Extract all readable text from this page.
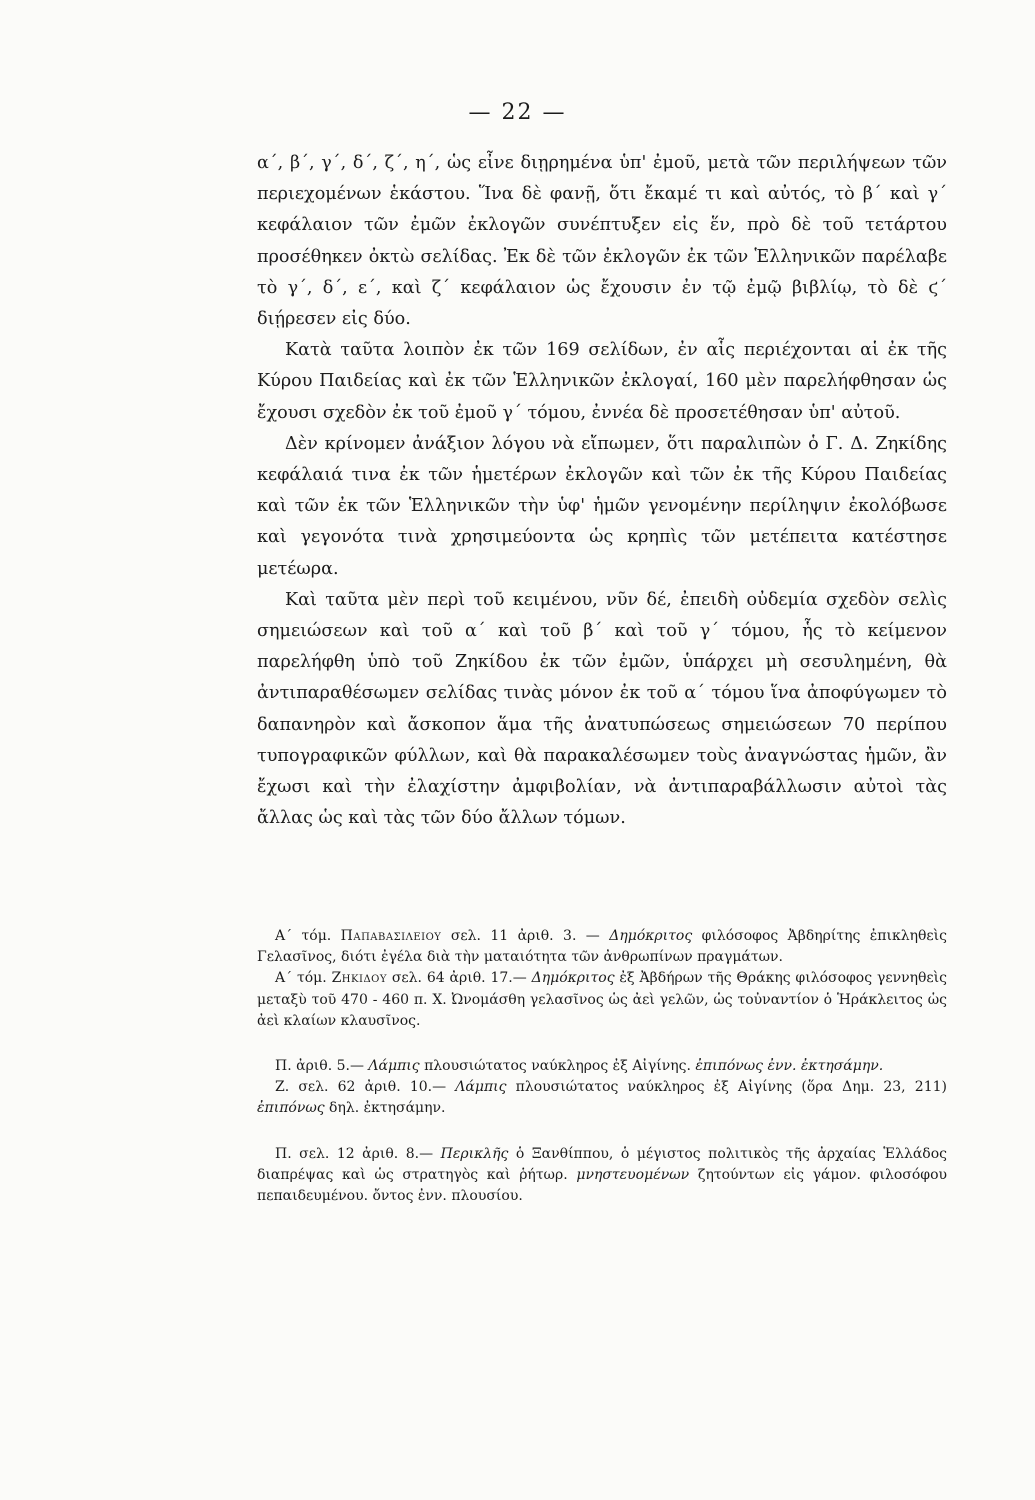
— 22 —

α΄, β΄, γ΄, δ΄, ζ΄, η΄, ὡς εἶνε διῃρημένα ὑπ' ἐμοῦ, μετὰ τῶν περιλήψεων τῶν περιεχομένων ἑκάστου. Ἵνα δὲ φανῇ, ὅτι ἔκαμέ τι καὶ αὐτός, τὸ β΄ καὶ γ΄ κεφάλαιον τῶν ἐμῶν ἐκλογῶν συνέπτυξεν εἰς ἕν, πρὸ δὲ τοῦ τετάρτου προσέθηκεν ὀκτὼ σελίδας. Ἐκ δὲ τῶν ἐκλογῶν ἐκ τῶν Ἑλληνικῶν παρέλαβε τὸ γ΄, δ΄, ε΄, καὶ ζ΄ κεφάλαιον ὡς ἔχουσιν ἐν τῷ ἐμῷ βιβλίῳ, τὸ δὲ ϛ΄ διῄρεσεν εἰς δύο.

Κατὰ ταῦτα λοιπὸν ἐκ τῶν 169 σελίδων, ἐν αἷς περιέχονται αἱ ἐκ τῆς Κύρου Παιδείας καὶ ἐκ τῶν Ἑλληνικῶν ἐκλογαί, 160 μὲν παρελήφθησαν ὡς ἔχουσι σχεδὸν ἐκ τοῦ ἐμοῦ γ΄ τόμου, ἐννέα δὲ προσετέθησαν ὑπ' αὐτοῦ.

Δὲν κρίνομεν ἀνάξιον λόγου νὰ εἴπωμεν, ὅτι παραλιπὼν ὁ Γ. Δ. Ζηκίδης κεφάλαιά τινα ἐκ τῶν ἡμετέρων ἐκλογῶν καὶ τῶν ἐκ τῆς Κύρου Παιδείας καὶ τῶν ἐκ τῶν Ἑλληνικῶν τὴν ὑφ' ἡμῶν γενομένην περίληψιν ἐκολόβωσε καὶ γεγονότα τινὰ χρησιμεύοντα ὡς κρηπὶς τῶν μετέπειτα κατέστησε μετέωρα.

Καὶ ταῦτα μὲν περὶ τοῦ κειμένου, νῦν δέ, ἐπειδὴ οὐδεμία σχεδὸν σελὶς σημειώσεων καὶ τοῦ α΄ καὶ τοῦ β΄ καὶ τοῦ γ΄ τόμου, ἧς τὸ κείμενον παρελήφθη ὑπὸ τοῦ Ζηκίδου ἐκ τῶν ἐμῶν, ὑπάρχει μὴ σεσυλημένη, θὰ ἀντιπαραθέσωμεν σελίδας τινὰς μόνον ἐκ τοῦ α΄ τόμου ἵνα ἀποφύγωμεν τὸ δαπανηρὸν καὶ ἄσκοπον ἅμα τῆς ἀνατυπώσεως σημειώσεων 70 περίπου τυπογραφικῶν φύλλων, καὶ θὰ παρακαλέσωμεν τοὺς ἀναγνώστας ἡμῶν, ἂν ἔχωσι καὶ τὴν ἐλαχίστην ἀμφιβολίαν, νὰ ἀντιπαραβάλλωσιν αὐτοὶ τὰς ἄλλας ὡς καὶ τὰς τῶν δύο ἄλλων τόμων.

Α΄ τόμ. Παπαβασιλειου σελ. 11 ἀριθ. 3. — Δημόκριτος φιλόσοφος Ἀβδηρίτης ἐπικληθεὶς Γελασῖνος, διότι ἐγέλα διὰ τὴν ματαιότητα τῶν ἀνθρωπίνων πραγμάτων.

Α΄ τόμ. Ζηκιδου σελ. 64 ἀριθ. 17.— Δημόκριτος ἐξ Ἀβδήρων τῆς Θράκης φιλόσοφος γεννηθεὶς μεταξὺ τοῦ 470 - 460 π. Χ. Ὠνομάσθη γελασῖνος ὡς ἀεὶ γελῶν, ὡς τοὐναντίον ὁ Ἡράκλειτος ὡς ἀεὶ κλαίων κλαυσῖνος.

Π. ἀριθ. 5.— Λάμπις πλουσιώτατος ναύκληρος ἐξ Αἰγίνης. ἐπιπόνως ἐνν. ἐκτησάμην.

Ζ. σελ. 62 ἀριθ. 10.— Λάμπις πλουσιώτατος ναύκληρος ἐξ Αἰγίνης (ὅρα Δημ. 23, 211) ἐπιπόνως δηλ. ἐκτησάμην.

Π. σελ. 12 ἀριθ. 8.— Περικλῆς ὁ Ξανθίππου, ὁ μέγιστος πολιτικὸς τῆς ἀρχαίας Ἑλλάδος διαπρέψας καὶ ὡς στρατηγὸς καὶ ῥήτωρ. μνηστευομένων ζητούντων εἰς γάμον. φιλοσόφου πεπαιδευμένου. ὄντος ἐνν. πλουσίου.
